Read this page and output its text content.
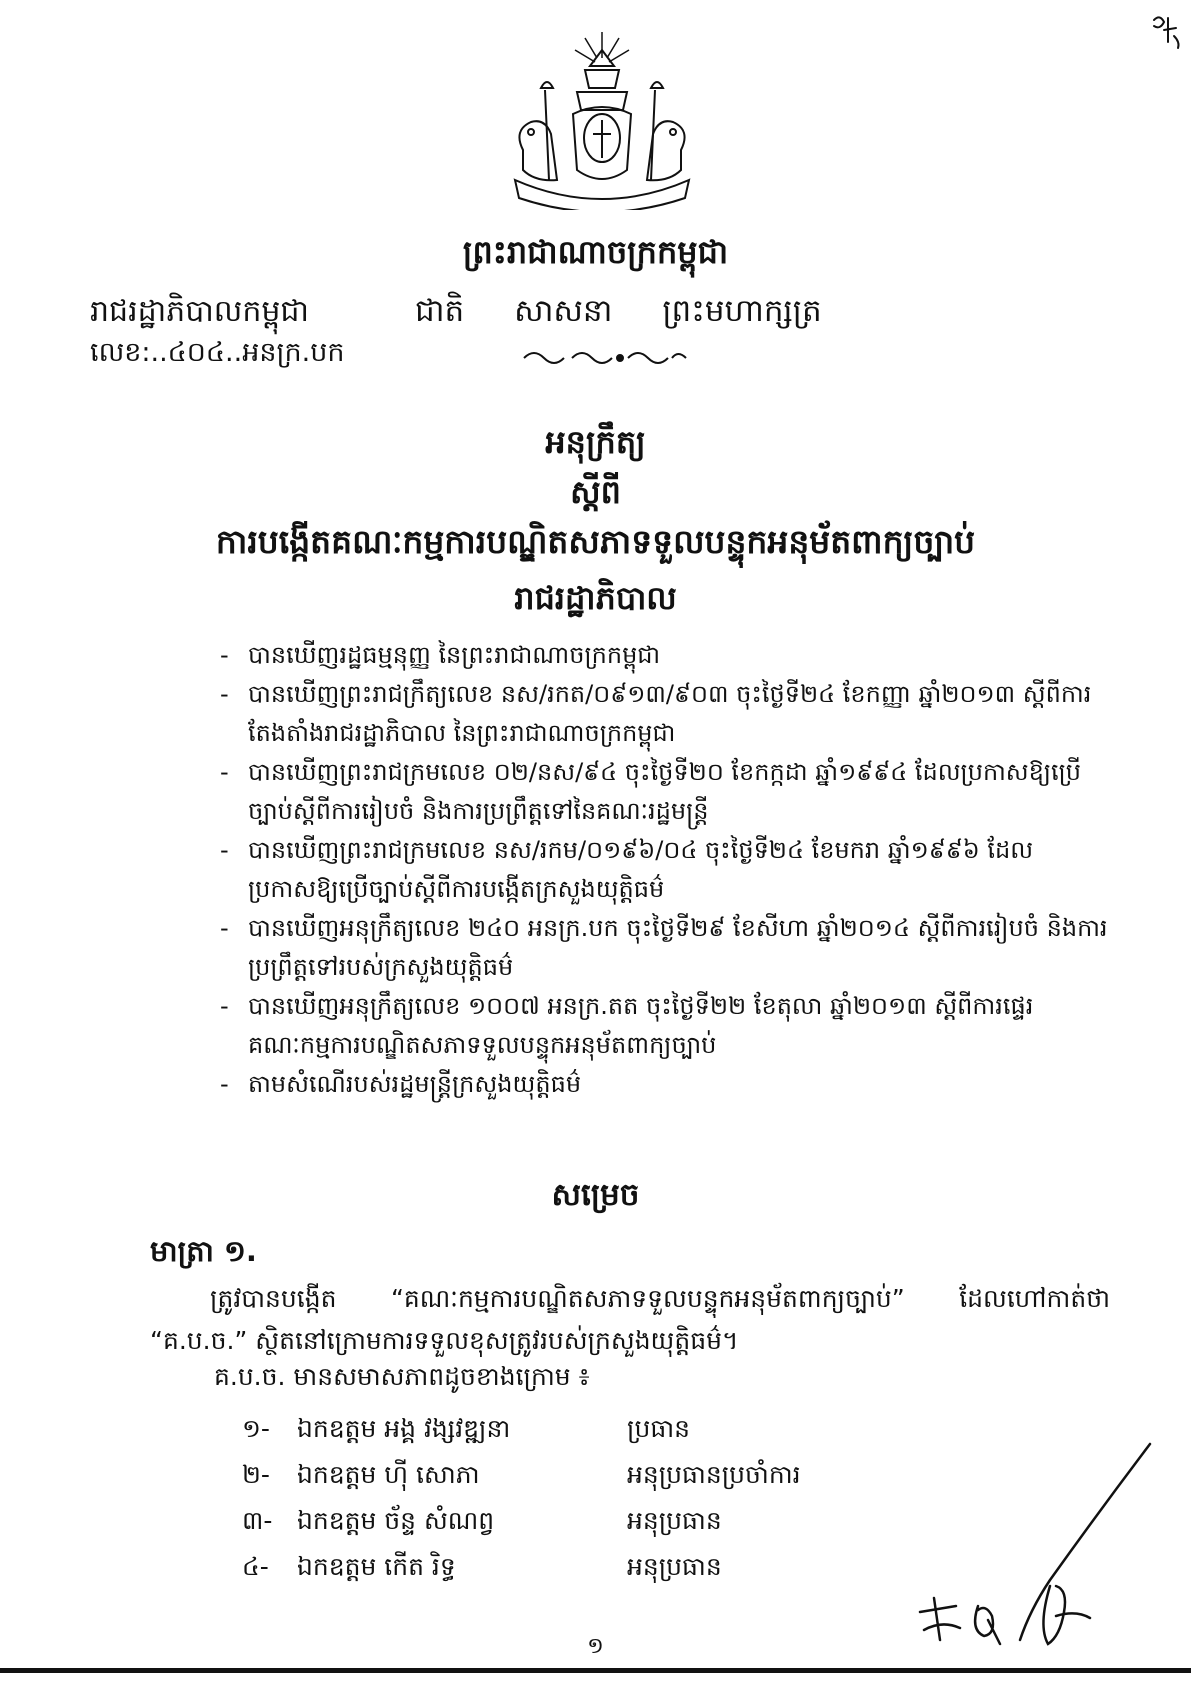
ព្រះរាជាណាចក្រកម្ពុជា
រាជរដ្ឋាភិបាលកម្ពុជា	ជាតិ សាសនា ព្រះមហាក្សត្រ
លេខ:..៤០៤..អនក្រ.បក
អនុក្រឹត្យ
ស្តីពី
ការបង្កើតគណៈកម្មការបណ្ឌិតសភាទទួលបន្ទុកអនុម័តពាក្យច្បាប់
រាជរដ្ឋាភិបាល
- បានឃើញរដ្ឋធម្មនុញ្ញ នៃព្រះរាជាណាចក្រកម្ពុជា
- បានឃើញព្រះរាជក្រឹត្យលេខ នស/រកត/០៩១៣/៩០៣ ចុះថ្ងៃទី២៤ ខែកញ្ញា ឆ្នាំ២០១៣ ស្តីពីការតែងតាំងរាជរដ្ឋាភិបាល នៃព្រះរាជាណាចក្រកម្ពុជា
- បានឃើញព្រះរាជក្រមលេខ ០២/នស/៩៤ ចុះថ្ងៃទី២០ ខែកក្កដា ឆ្នាំ១៩៩៤ ដែលប្រកាសឱ្យប្រើច្បាប់ស្តីពីការរៀបចំ និងការប្រព្រឹត្តទៅនៃគណៈរដ្ឋមន្ត្រី
- បានឃើញព្រះរាជក្រមលេខ នស/រកម/០១៩៦/០៤ ចុះថ្ងៃទី២៤ ខែមករា ឆ្នាំ១៩៩៦ ដែលប្រកាសឱ្យប្រើច្បាប់ស្តីពីការបង្កើតក្រសួងយុត្តិធម៌
- បានឃើញអនុក្រឹត្យលេខ ២៤០ អនក្រ.បក ចុះថ្ងៃទី២៩ ខែសីហា ឆ្នាំ២០១៤ ស្តីពីការរៀបចំ និងការប្រព្រឹត្តទៅរបស់ក្រសួងយុត្តិធម៌
- បានឃើញអនុក្រឹត្យលេខ ១០០៧ អនក្រ.តត ចុះថ្ងៃទី២២ ខែតុលា ឆ្នាំ២០១៣ ស្តីពីការផ្ទេរគណៈកម្មការបណ្ឌិតសភាទទួលបន្ទុកអនុម័តពាក្យច្បាប់
- តាមសំណើរបស់រដ្ឋមន្ត្រីក្រសួងយុត្តិធម៌
សម្រេច
មាត្រា ១.
ត្រូវបានបង្កើត “គណៈកម្មការបណ្ឌិតសភាទទួលបន្ទុកអនុម័តពាក្យច្បាប់” ដែលហៅកាត់ថា “គ.ប.ច.” ស្ថិតនៅក្រោមការទទួលខុសត្រូវរបស់ក្រសួងយុត្តិធម៌។
គ.ប.ច. មានសមាសភាពដូចខាងក្រោម ៖
១- ឯកឧត្តម អង្គ វង្សវឌ្ឍនា	ប្រធាន
២- ឯកឧត្តម ហ៊ី សោភា	អនុប្រធានប្រចាំការ
៣- ឯកឧត្តម ច័ន្ទ សំណព្វ	អនុប្រធាន
៤- ឯកឧត្តម កើត រិទ្ធ	អនុប្រធាន
១
